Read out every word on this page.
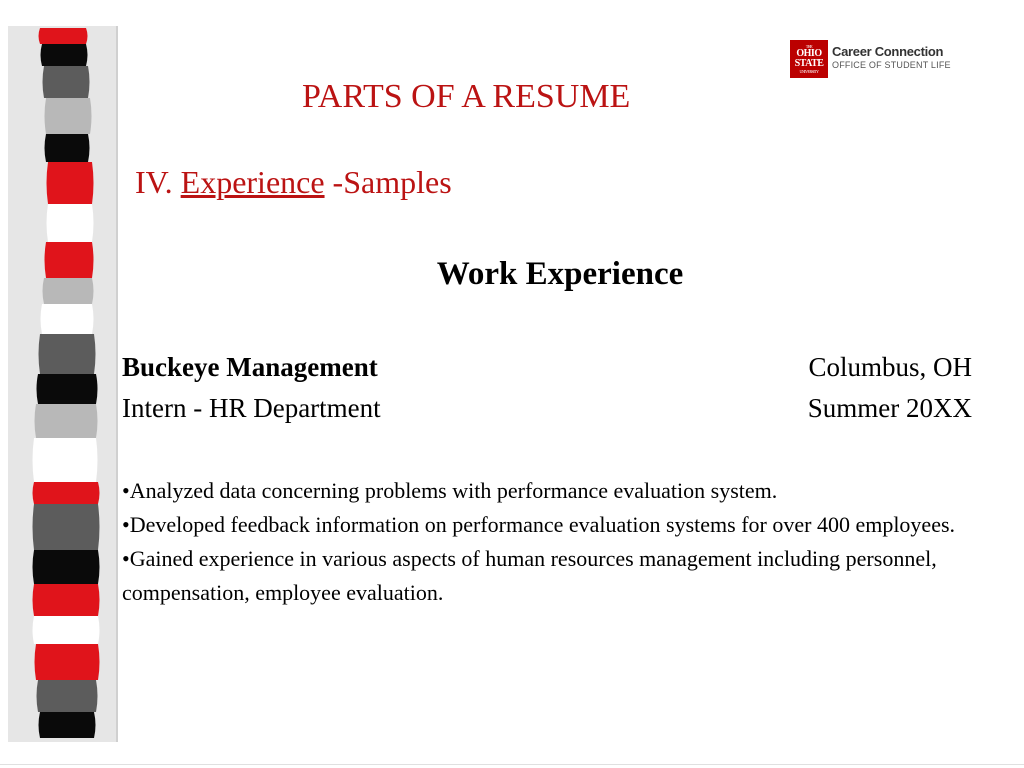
THE
OHIO
STATE
UNIVERSITY
Career Connection
OFFICE OF STUDENT LIFE
PARTS OF A RESUME
IV. Experience -Samples
Work Experience
Buckeye Management	Columbus, OH
Intern - HR Department	Summer 20XX
•Analyzed data concerning problems with performance evaluation system.
•Developed feedback information on performance evaluation systems for over 400 employees.
•Gained experience in various aspects of human resources management including personnel, compensation, employee evaluation.
